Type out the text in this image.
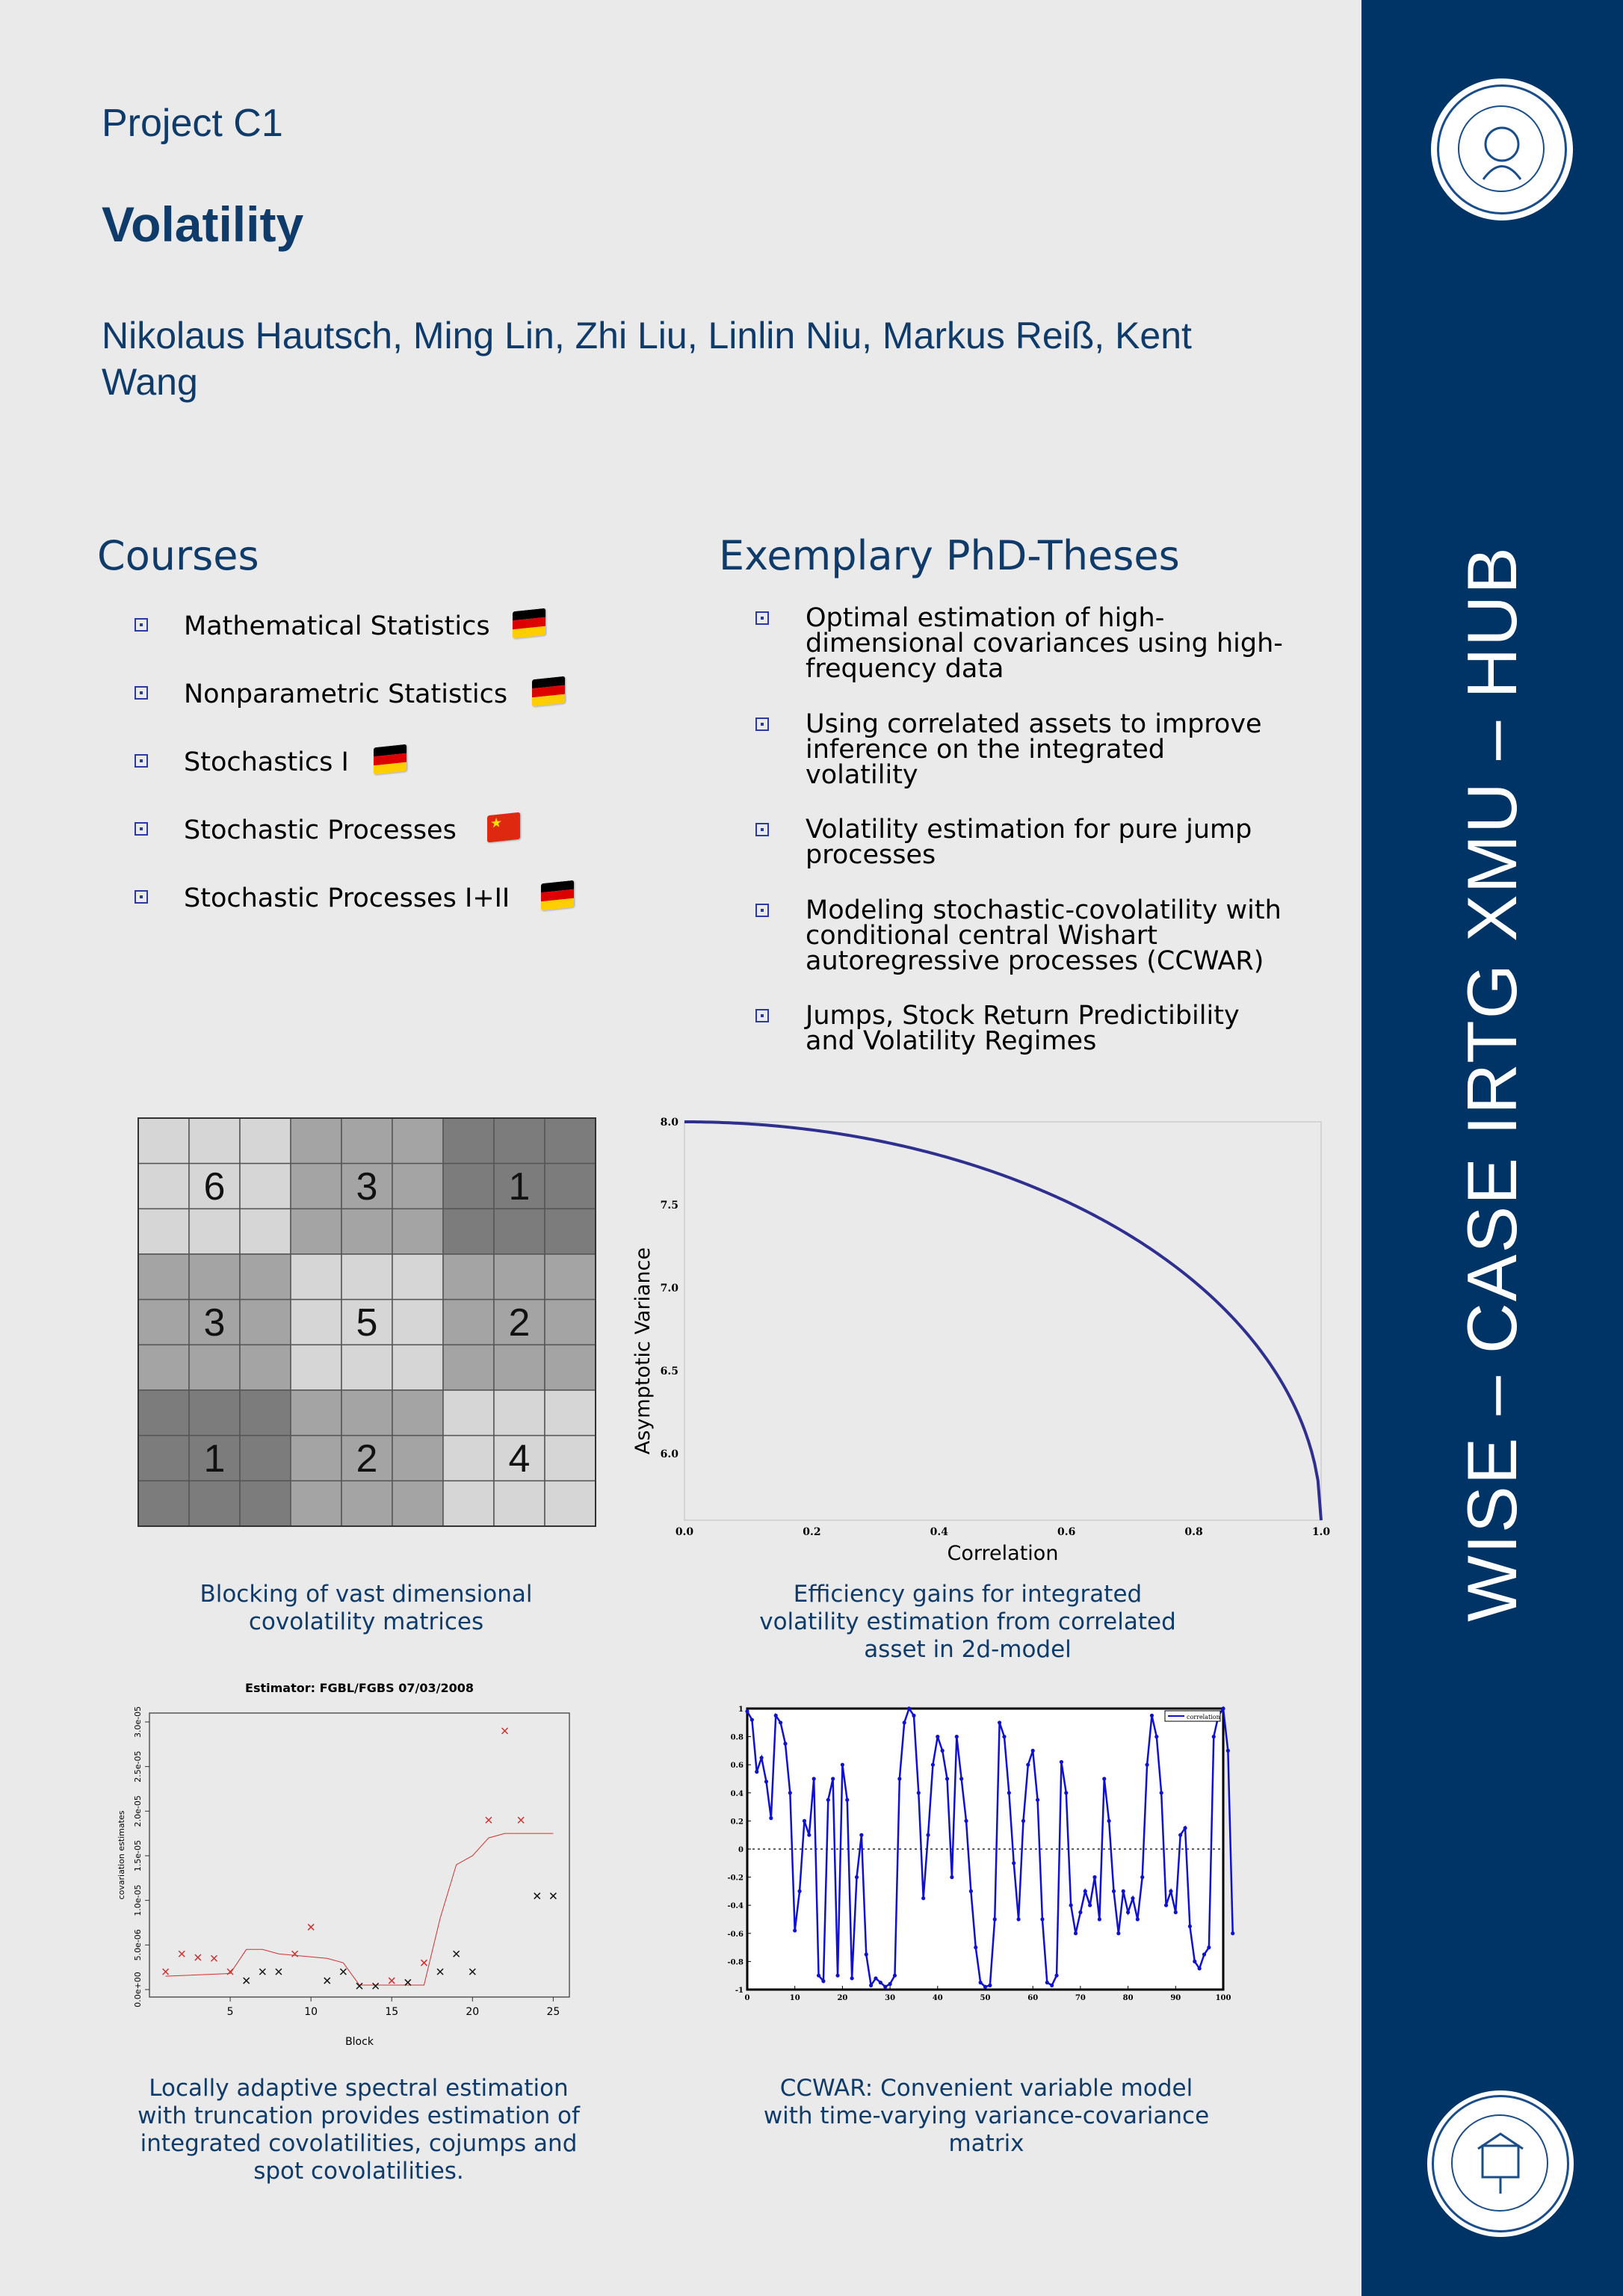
Project C1
Volatility
Nikolaus Hautsch, Ming Lin, Zhi Liu, Linlin Niu, Markus Reiß, Kent Wang
WISE – CASE IRTG XMU – HUB
Courses
Mathematical Statistics
Nonparametric Statistics
Stochastics I
Stochastic Processes	★
Stochastic Processes I+II
Exemplary PhD-Theses
Optimal estimation of high-
dimensional covariances using high-
frequency data
Using correlated assets to improve
inference on the integrated
volatility
Volatility estimation for pure jump
processes
Modeling stochastic-covolatility with
conditional central Wishart
autoregressive processes (CCWAR)
Jumps, Stock Return Predictibility
and Volatility Regimes
6	3	1
3	5	2
1	2	4
0.0	0.2	0.4	0.6	0.8	1.0
6.0
6.5
7.0
7.5
8.0
Correlation
Asymptotic Variance
Estimator: FGBL/FGBS 07/03/2008
5	10	15	20	25
0.0e+00
5.0e-06
1.0e-05
1.5e-05
2.0e-05
2.5e-05
3.0e-05
Block
covariation estimates
0	10	20	30	40	50	60	70	80	90	100
1
0.8
0.6
0.4
0.2
0
-0.2
-0.4
-0.6
-0.8
-1
correlation
Blocking of vast dimensional
covolatility matrices
Efficiency gains for integrated
volatility estimation from correlated
asset in 2d-model
Locally adaptive spectral estimation
with truncation provides estimation of
integrated covolatilities, cojumps and
spot covolatilities.
CCWAR: Convenient variable model
with time-varying variance-covariance
matrix
